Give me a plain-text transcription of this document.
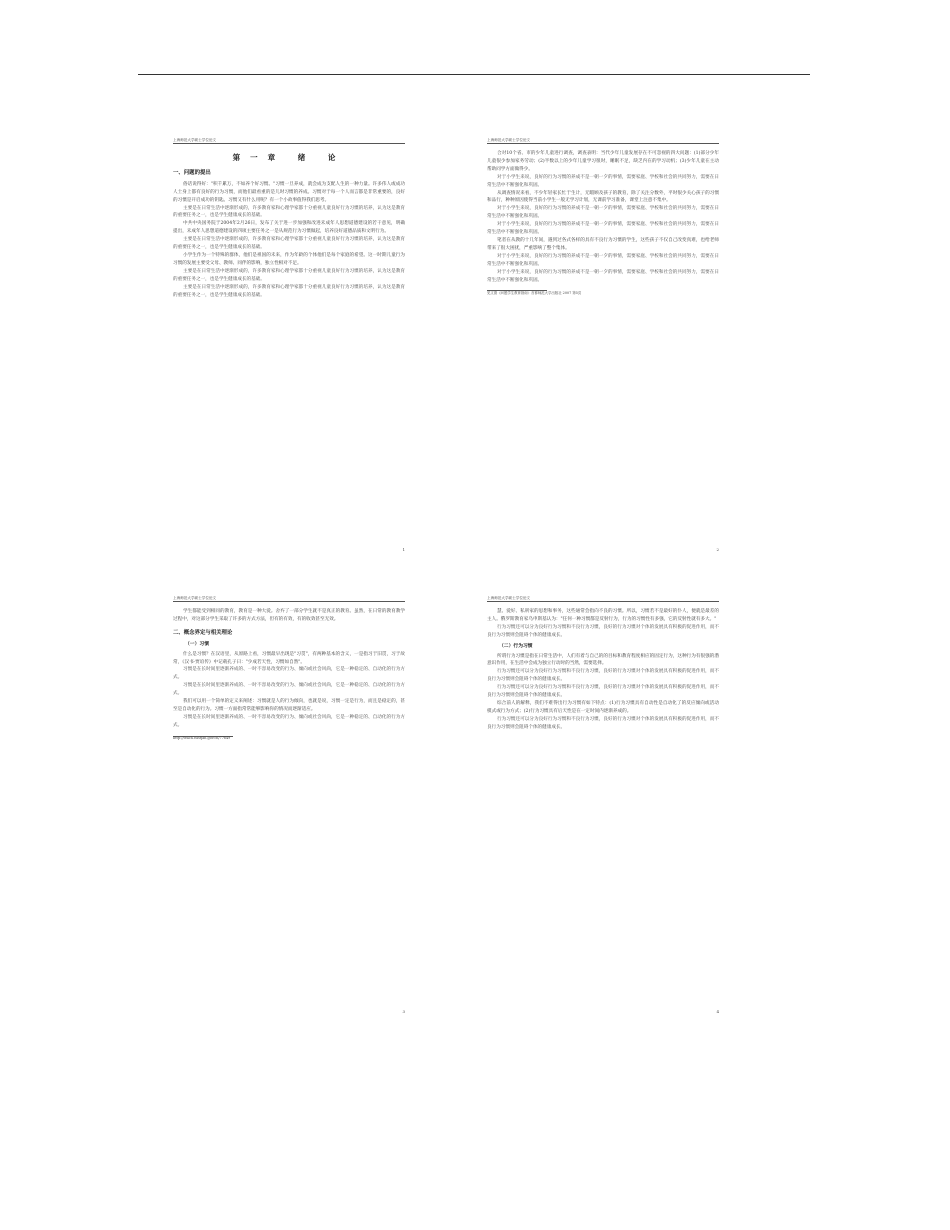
上海师范大学硕士学位论文
第一章 绪 论
一、问题的提出

俗话说得好："积千累万，不如养个好习惯。"习惯一旦养成，就会成为支配人生的一种力量。许多伟人或成功人士身上都有良好的行为习惯，而他们最看重的是儿时习惯的养成。习惯对于每一个人而言都是非常重要的，良好的习惯是开启成功的钥匙。习惯又有什么用呢？有一个小故事值得我们思考。

主要是在日常生活中逐渐形成的，许多教育家和心理学家都十分重视儿童良好行为习惯的培养，认为这是教育的重要任务之一，也是学生健康成长的基础。

中共中央国务院于2004年2月26日，发布了关于进一步加强和改进未成年人思想道德建设的若干意见，明确提出，未成年人思想道德建设的四项主要任务之一是从规范行为习惯做起，培养良好道德品质和文明行为。

主要是在日常生活中逐渐形成的，许多教育家和心理学家都十分重视儿童良好行为习惯的培养，认为这是教育的重要任务之一，也是学生健康成长的基础。

小学生作为一个特殊的群体，他们是祖国的未来，作为年龄的个体他们是每个家庭的希望。这一时期儿童行为习惯的发展主要受父母、教师、同伴的影响，独立性相对不足。

主要是在日常生活中逐渐形成的，许多教育家和心理学家都十分重视儿童良好行为习惯的培养，认为这是教育的重要任务之一，也是学生健康成长的基础。

主要是在日常生活中逐渐形成的，许多教育家和心理学家都十分重视儿童良好行为习惯的培养，认为这是教育的重要任务之一，也是学生健康成长的基础。

1
上海师范大学硕士学位论文

合对10个省、市的少年儿童进行调查，调查表明：当代少年儿童发展存在不可忽视的四大问题：(1)部分少年儿童很少参加家务劳动；(2)半数以上的少年儿童学习很时，睡眠不足，缺乏内在的学习动机；(3)少年儿童在主动帮助同学方面做得少。

对于小学生来说，良好的行为习惯的养成不是一朝一夕的事情，需要家庭、学校和社会的共同努力，需要在日常生活中不断强化和巩固。

从调查情况来看，不少年轻家长忙于生计，无暇顾及孩子的教育，除了关注分数外，平时很少关心孩子的习惯和品行，种种原因使得当前小学生一般无学习计划，无课前学习准备，课堂上注意不集中。

对于小学生来说，良好的行为习惯的养成不是一朝一夕的事情，需要家庭、学校和社会的共同努力，需要在日常生活中不断强化和巩固。

对于小学生来说，良好的行为习惯的养成不是一朝一夕的事情，需要家庭、学校和社会的共同努力，需要在日常生活中不断强化和巩固。

笔者在从教的十几年间，遇到过各式各样的具有不良行为习惯的学生，这些孩子不仅自己改变真难，也给老师带来了很大困扰，严重影响了整个集体。

对于小学生来说，良好的行为习惯的养成不是一朝一夕的事情，需要家庭、学校和社会的共同努力，需要在日常生活中不断强化和巩固。

对于小学生来说，良好的行为习惯的养成不是一朝一夕的事情，需要家庭、学校和社会的共同努力，需要在日常生活中不断强化和巩固。

见文德《问题学生教育指南》首都师范大学出版社 2007 第5页
2
上海师范大学硕士学位论文

学生都能受到相同的教育，教育是一种大爱。舍弃了一部分学生就不是真正的教育。虽然，在日常的教育教学过程中，对这部分学生采取了许多的方式方法，但有的有效，有的收效甚至无效。

二、概念界定与相关理论
（一）习惯

什么是习惯？在汉语里，从原路上看，习惯最早出现是"习贯"，有两种基本的含义，一是指习于旧贯，习于故常，《汉书·贾谊传》中记载孔子曰："少成若天性，习惯如自然"。

习惯是在长时间里逐渐养成的、一时不容易改变的行为、倾向或社会风尚，它是一种稳定的、自动化的行为方式。

习惯是在长时间里逐渐养成的、一时不容易改变的行为、倾向或社会风尚，它是一种稳定的、自动化的行为方式。

我们可以用一个简单的定义来阐述：习惯就是人的行为倾向，也就是说，习惯一定是行为，而且是稳定的，甚至是自动化的行为。习惯一方面指常常能够影响你的情况而逐渐适应。

习惯是在长时间里逐渐养成的、一时不容易改变的行为、倾向或社会风尚，它是一种稳定的、自动化的行为方式。

http://teach.eastjan.gov.cn/77649
3
上海师范大学硕士学位论文

慧、爱好、私刑家的思想和事务，这些通常会指向不良的习惯。所以，习惯若不是最好的仆人，便就是最差的主人。俄罗斯教育家乌申斯基认为："任何一种习惯都是反射行为，行为的习惯性有多强，它的反射性就有多大。"

行为习惯还可以分为良好行为习惯和不良行为习惯，良好的行为习惯对个体的发展具有积极的促进作用，而不良行为习惯则会阻碍个体的健康成长。

（二）行为习惯

所谓行为习惯是指在日常生活中，人们有着与自己的的目标和教育程度相应的固定行为，这种行为有很强的潜意识作用，在生活中会成为独立行动时的当然，需要选择。

行为习惯还可以分为良好行为习惯和不良行为习惯，良好的行为习惯对个体的发展具有积极的促进作用，而不良行为习惯则会阻碍个体的健康成长。

行为习惯还可以分为良好行为习惯和不良行为习惯，良好的行为习惯对个体的发展具有积极的促进作用，而不良行为习惯则会阻碍个体的健康成长。

综合前人的解释，我们不难得出行为习惯有如下特点：(1)行为习惯具有自动性是自动化了的反应倾向或活动模式或行为方式；(2)行为习惯具有后天性是在一定时间内逐渐养成的。

行为习惯还可以分为良好行为习惯和不良行为习惯，良好的行为习惯对个体的发展具有积极的促进作用，而不良行为习惯则会阻碍个体的健康成长。

4
